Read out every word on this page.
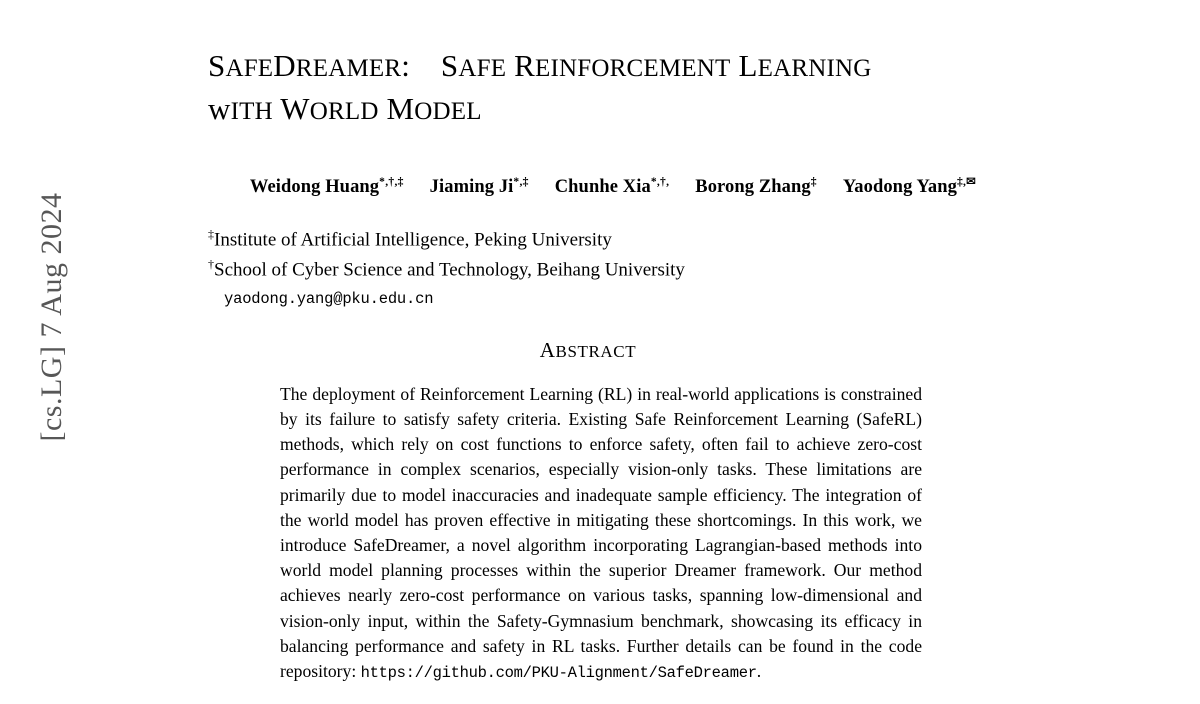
[cs.LG] 7 Aug 2024
SAFEDREAMER: SAFE REINFORCEMENT LEARNING
wITH WORLD MODEL
Weidong Huang*,†,‡ Jiaming Ji*,‡ Chunhe Xia*,†, Borong Zhang‡ Yaodong Yang‡,✉
‡Institute of Artificial Intelligence, Peking University
†School of Cyber Science and Technology, Beihang University
yaodong.yang@pku.edu.cn
ABSTRACT

The deployment of Reinforcement Learning (RL) in real-world applications is constrained by its failure to satisfy safety criteria. Existing Safe Reinforcement Learning (SafeRL) methods, which rely on cost functions to enforce safety, often fail to achieve zero-cost performance in complex scenarios, especially vision-only tasks. These limitations are primarily due to model inaccuracies and inadequate sample efficiency. The integration of the world model has proven effective in mitigating these shortcomings. In this work, we introduce SafeDreamer, a novel algorithm incorporating Lagrangian-based methods into world model planning processes within the superior Dreamer framework. Our method achieves nearly zero-cost performance on various tasks, spanning low-dimensional and vision-only input, within the Safety-Gymnasium benchmark, showcasing its efficacy in balancing performance and safety in RL tasks. Further details can be found in the code repository: https://github.com/PKU-Alignment/SafeDreamer.
